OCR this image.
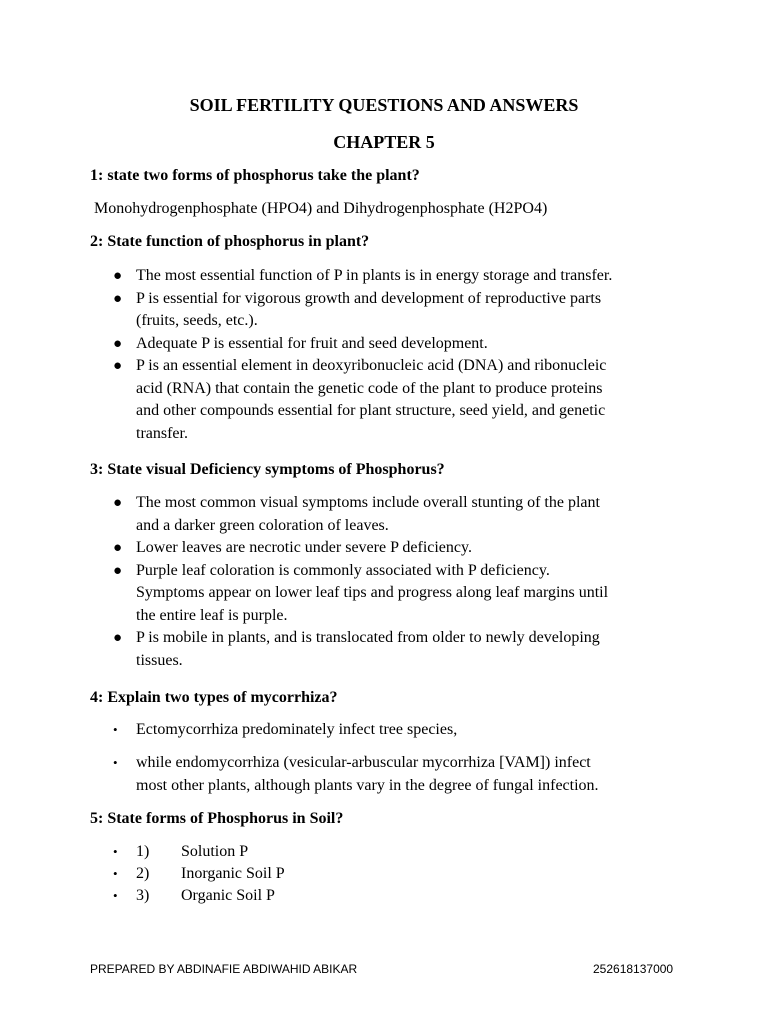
SOIL FERTILITY QUESTIONS AND ANSWERS
CHAPTER 5
1: state two forms of phosphorus take the plant?
Monohydrogenphosphate (HPO4) and Dihydrogenphosphate (H2PO4)
2: State function of phosphorus in plant?
● The most essential function of P in plants is in energy storage and transfer.
● P is essential for vigorous growth and development of reproductive parts (fruits, seeds, etc.).
● Adequate P is essential for fruit and seed development.
● P is an essential element in deoxyribonucleic acid (DNA) and ribonucleic acid (RNA) that contain the genetic code of the plant to produce proteins and other compounds essential for plant structure, seed yield, and genetic transfer.
3: State visual Deficiency symptoms of Phosphorus?
● The most common visual symptoms include overall stunting of the plant and a darker green coloration of leaves.
● Lower leaves are necrotic under severe P deficiency.
● Purple leaf coloration is commonly associated with P deficiency. Symptoms appear on lower leaf tips and progress along leaf margins until the entire leaf is purple.
● P is mobile in plants, and is translocated from older to newly developing tissues.
4: Explain two types of mycorrhiza?
• Ectomycorrhiza predominately infect tree species,
• while endomycorrhiza (vesicular-arbuscular mycorrhiza [VAM]) infect most other plants, although plants vary in the degree of fungal infection.
5: State forms of Phosphorus in Soil?
• 1) Solution P
• 2) Inorganic Soil P
• 3) Organic Soil P
PREPARED BY ABDINAFIE ABDIWAHID ABIKAR	252618137000
